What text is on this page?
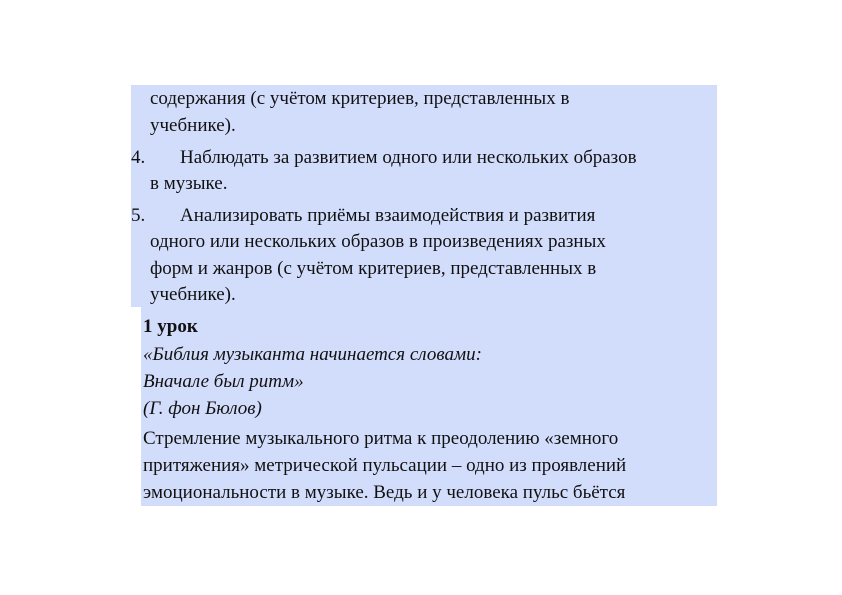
содержания (с учётом критериев, представленных в
учебнике).
4. Наблюдать за развитием одного или нескольких образов
в музыке.
5. Анализировать приёмы взаимодействия и развития
одного или нескольких образов в произведениях разных
форм и жанров (с учётом критериев, представленных в
учебнике).
1 урок
«Библия музыканта начинается словами:
Вначале был ритм»
(Г. фон Бюлов)
Стремление музыкального ритма к преодолению «земного
притяжения» метрической пульсации – одно из проявлений
эмоциональности в музыке. Ведь и у человека пульс бьётся
